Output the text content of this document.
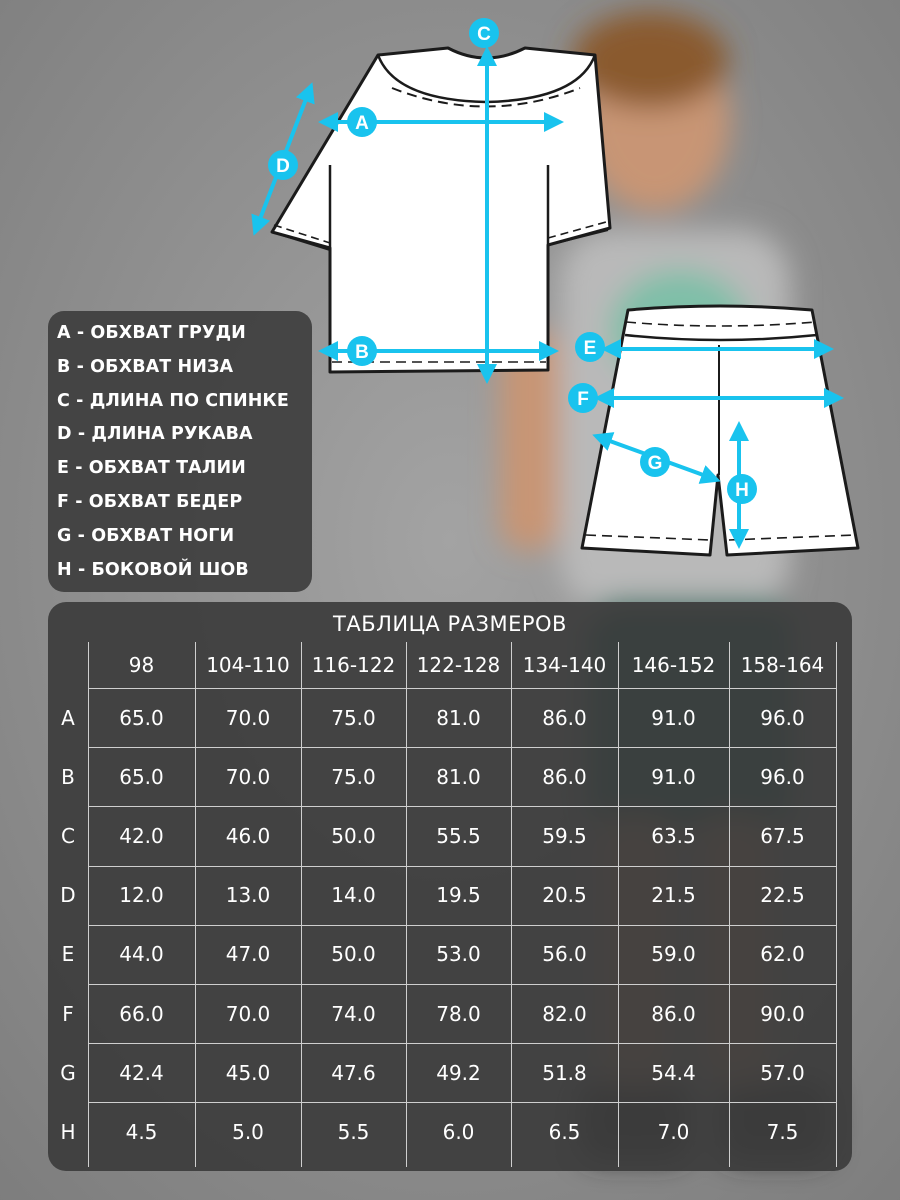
A
B
C
D
E
F
G
H
A - ОБХВАТ ГРУДИ
B - ОБХВАТ НИЗА
C - ДЛИНА ПО СПИНКЕ
D - ДЛИНА РУКАВА
E - ОБХВАТ ТАЛИИ
F - ОБХВАТ БЕДЕР
G - ОБХВАТ НОГИ
H - БОКОВОЙ ШОВ
ТАБЛИЦА РАЗМЕРОВ
98	104-110	116-122	122-128	134-140	146-152	158-164
A	65.0	70.0	75.0	81.0	86.0	91.0	96.0
B	65.0	70.0	75.0	81.0	86.0	91.0	96.0
C	42.0	46.0	50.0	55.5	59.5	63.5	67.5
D	12.0	13.0	14.0	19.5	20.5	21.5	22.5
E	44.0	47.0	50.0	53.0	56.0	59.0	62.0
F	66.0	70.0	74.0	78.0	82.0	86.0	90.0
G	42.4	45.0	47.6	49.2	51.8	54.4	57.0
H	4.5	5.0	5.5	6.0	6.5	7.0	7.5
